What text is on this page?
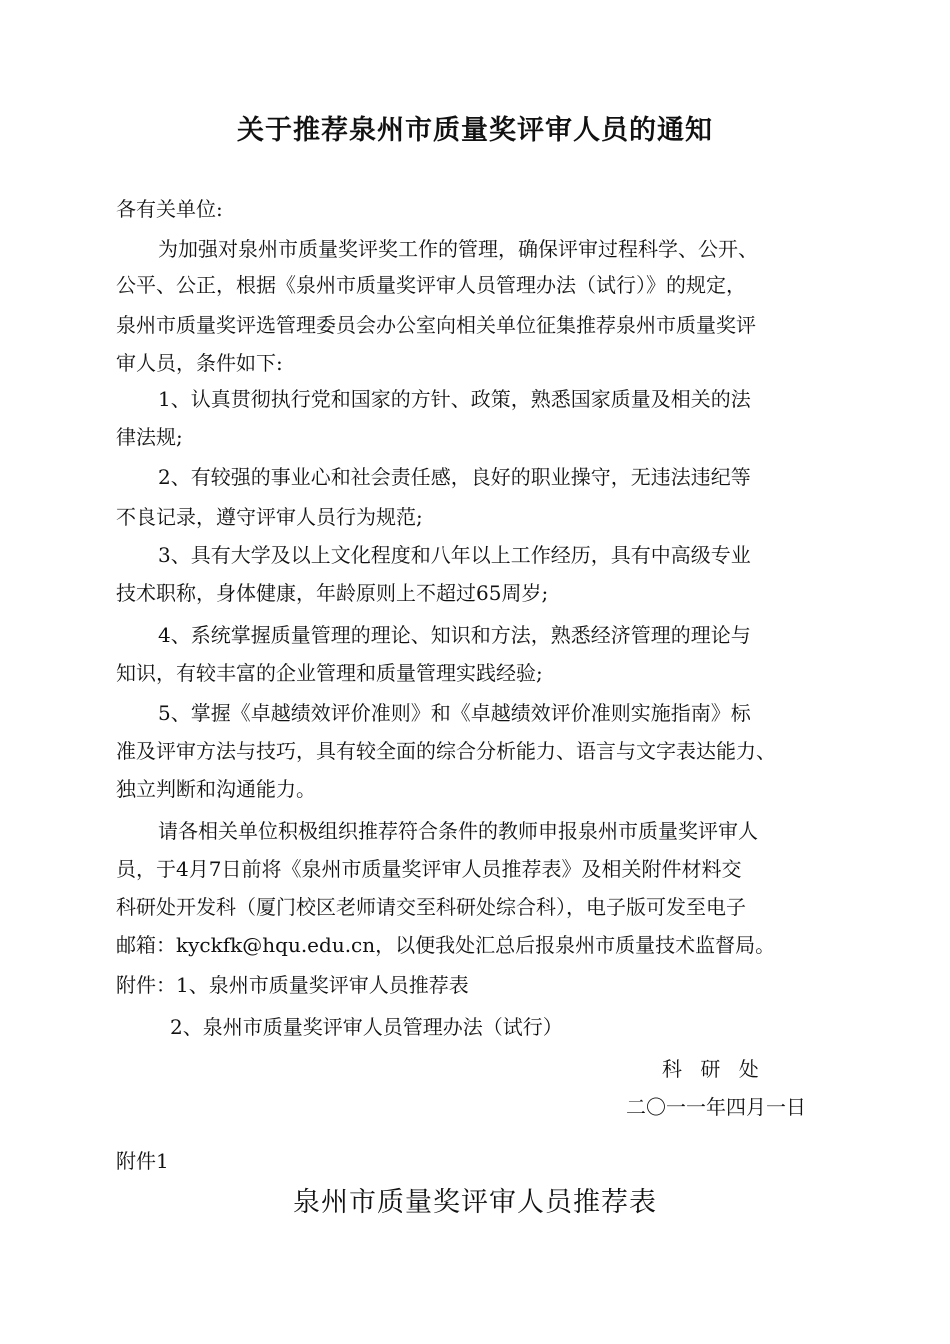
关于推荐泉州市质量奖评审人员的通知
各有关单位:
为加强对泉州市质量奖评奖工作的管理，确保评审过程科学、公开、
公平、公正，根据《泉州市质量奖评审人员管理办法（试行）》的规定，
泉州市质量奖评选管理委员会办公室向相关单位征集推荐泉州市质量奖评
审人员，条件如下:
1、认真贯彻执行党和国家的方针、政策，熟悉国家质量及相关的法
律法规;
2、有较强的事业心和社会责任感，良好的职业操守，无违法违纪等
不良记录，遵守评审人员行为规范;
3、具有大学及以上文化程度和八年以上工作经历，具有中高级专业
技术职称，身体健康，年龄原则上不超过65周岁;
4、系统掌握质量管理的理论、知识和方法，熟悉经济管理的理论与
知识，有较丰富的企业管理和质量管理实践经验;
5、掌握《卓越绩效评价准则》和《卓越绩效评价准则实施指南》标
准及评审方法与技巧，具有较全面的综合分析能力、语言与文字表达能力、
独立判断和沟通能力。
请各相关单位积极组织推荐符合条件的教师申报泉州市质量奖评审人
员，于4月7日前将《泉州市质量奖评审人员推荐表》及相关附件材料交
科研处开发科（厦门校区老师请交至科研处综合科），电子版可发至电子
邮箱：kyckfk@hqu.edu.cn，以便我处汇总后报泉州市质量技术监督局。
附件：1、泉州市质量奖评审人员推荐表
2、泉州市质量奖评审人员管理办法（试行）
科 研 处
二〇一一年四月一日
附件1
泉州市质量奖评审人员推荐表
